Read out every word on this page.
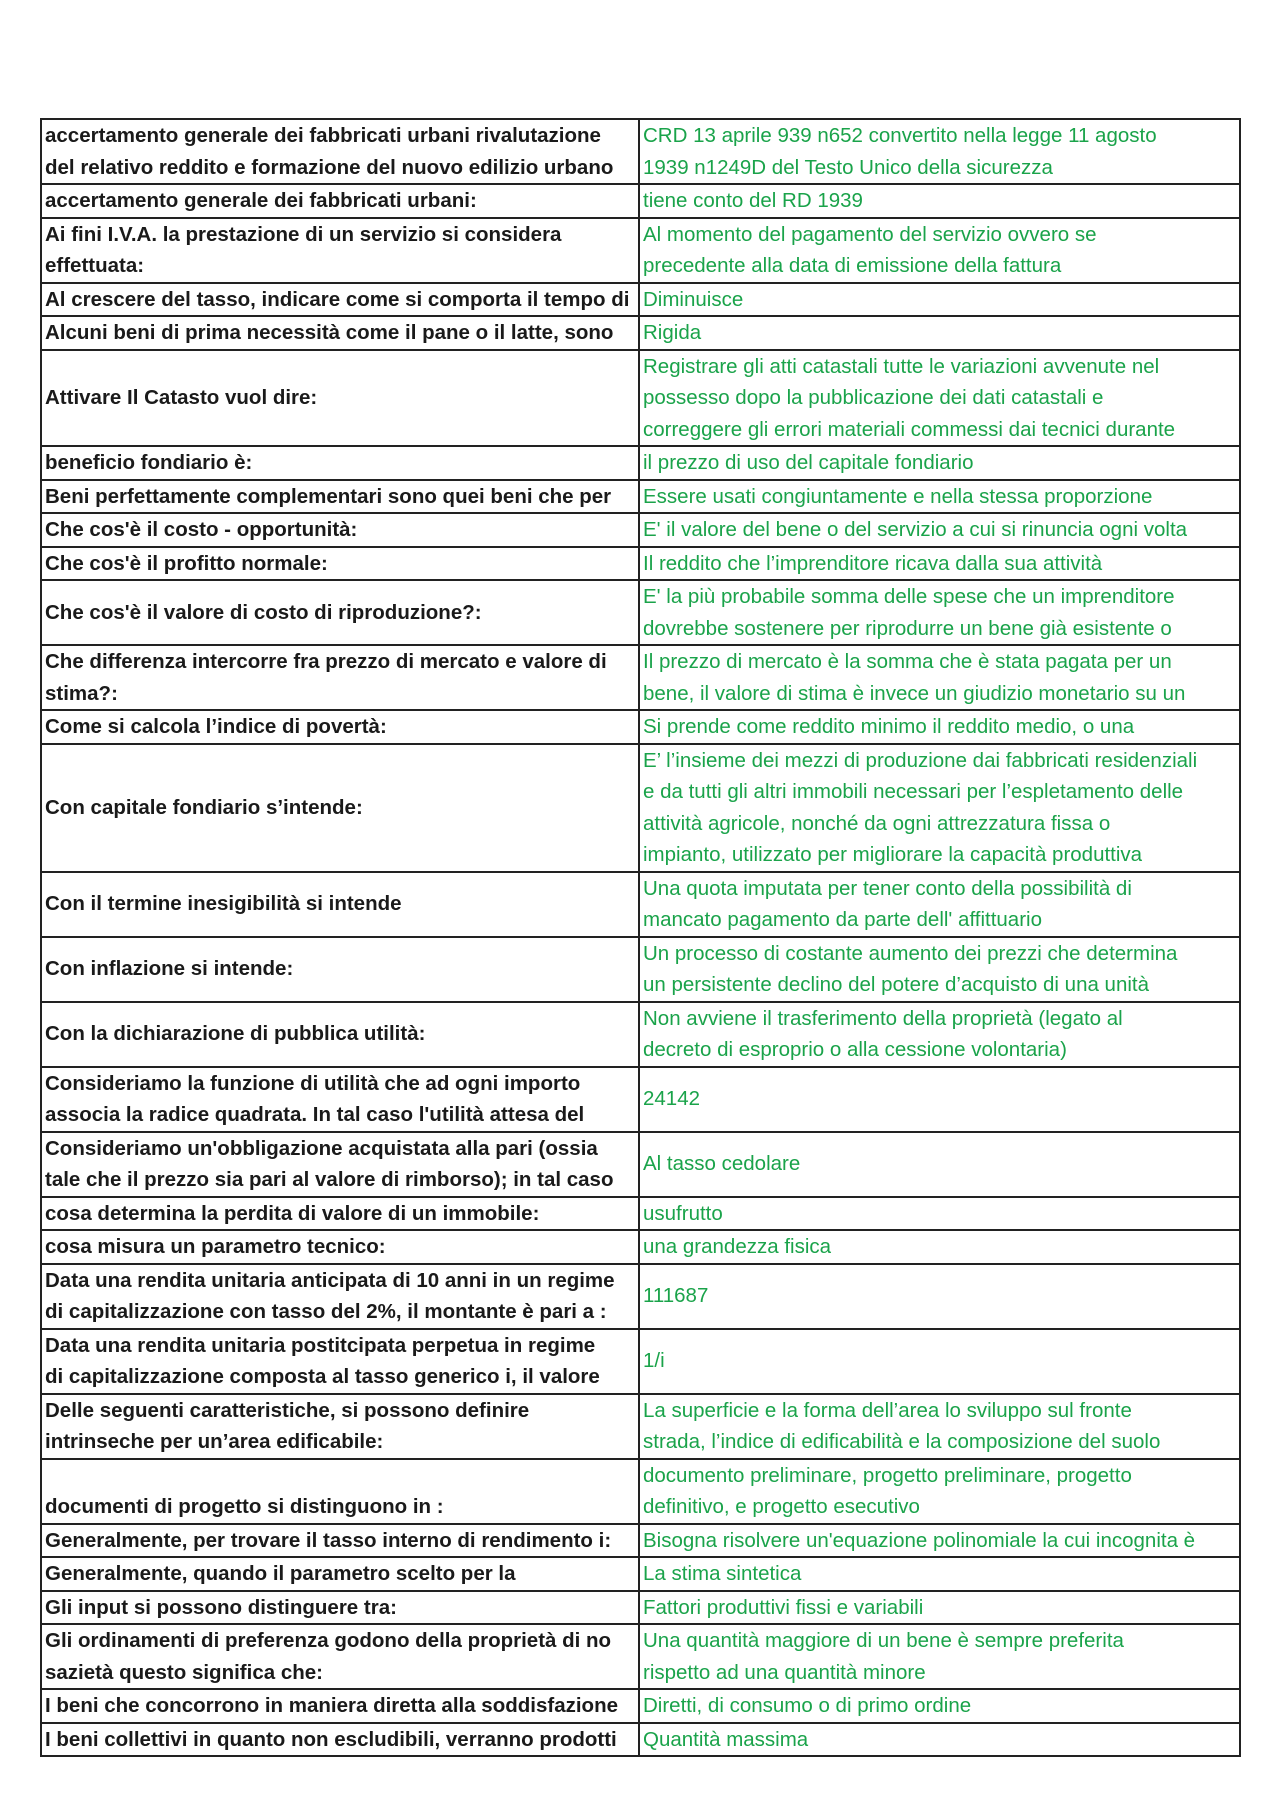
accertamento generale dei fabbricati urbani rivalutazione
del relativo reddito e formazione del nuovo edilizio urbano	CRD 13 aprile 939 n652 convertito nella legge 11 agosto
1939 n1249D del Testo Unico della sicurezza

accertamento generale dei fabbricati urbani:	tiene conto del RD 1939

Ai fini I.V.A. la prestazione di un servizio si considera
effettuata:	Al momento del pagamento del servizio ovvero se
precedente alla data di emissione della fattura

Al crescere del tasso, indicare come si comporta il tempo di	Diminuisce

Alcuni beni di prima necessità come il pane o il latte, sono	Rigida

Attivare Il Catasto vuol dire:	Registrare gli atti catastali tutte le variazioni avvenute nel
possesso dopo la pubblicazione dei dati catastali e
correggere gli errori materiali commessi dai tecnici durante

beneficio fondiario è:	il prezzo di uso del capitale fondiario

Beni perfettamente complementari sono quei beni che per	Essere usati congiuntamente e nella stessa proporzione

Che cos'è il costo - opportunità:	E' il valore del bene o del servizio a cui si rinuncia ogni volta

Che cos'è il profitto normale:	Il reddito che l’imprenditore ricava dalla sua attività

Che cos'è il valore di costo di riproduzione?:	E' la più probabile somma delle spese che un imprenditore
dovrebbe sostenere per riprodurre un bene già esistente o

Che differenza intercorre fra prezzo di mercato e valore di
stima?:	Il prezzo di mercato è la somma che è stata pagata per un
bene, il valore di stima è invece un giudizio monetario su un

Come si calcola l’indice di povertà:	Si prende come reddito minimo il reddito medio, o una

Con capitale fondiario s’intende:	E’ l’insieme dei mezzi di produzione dai fabbricati residenziali
e da tutti gli altri immobili necessari per l’espletamento delle
attività agricole, nonché da ogni attrezzatura fissa o
impianto, utilizzato per migliorare la capacità produttiva

Con il termine inesigibilità si intende	Una quota imputata per tener conto della possibilità di
mancato pagamento da parte dell' affittuario

Con inflazione si intende:	Un processo di costante aumento dei prezzi che determina
un persistente declino del potere d’acquisto di una unità

Con la dichiarazione di pubblica utilità:	Non avviene il trasferimento della proprietà (legato al
decreto di esproprio o alla cessione volontaria)

Consideriamo la funzione di utilità che ad ogni importo
associa la radice quadrata. In tal caso l'utilità attesa del	24142

Consideriamo un'obbligazione acquistata alla pari (ossia
tale che il prezzo sia pari al valore di rimborso); in tal caso	Al tasso cedolare

cosa determina la perdita di valore di un immobile:	usufrutto

cosa misura un parametro tecnico:	una grandezza fisica

Data una rendita unitaria anticipata di 10 anni in un regime
di capitalizzazione con tasso del 2%, il montante è pari a :	111687

Data una rendita unitaria postitcipata perpetua in regime
di capitalizzazione composta al tasso generico i, il valore	1/i

Delle seguenti caratteristiche, si possono definire
intrinseche per un’area edificabile:	La superficie e la forma dell’area lo sviluppo sul fronte
strada, l’indice di edificabilità e la composizione del suolo

documenti di progetto si distinguono in :	documento preliminare, progetto preliminare, progetto
definitivo, e progetto esecutivo

Generalmente, per trovare il tasso interno di rendimento i:	Bisogna risolvere un'equazione polinomiale la cui incognita è

Generalmente, quando il parametro scelto per la	La stima sintetica

Gli input si possono distinguere tra:	Fattori produttivi fissi e variabili

Gli ordinamenti di preferenza godono della proprietà di no
sazietà questo significa che:	Una quantità maggiore di un bene è sempre preferita
rispetto ad una quantità minore

I beni che concorrono in maniera diretta alla soddisfazione	Diretti, di consumo o di primo ordine

I beni collettivi in quanto non escludibili, verranno prodotti	Quantità massima
